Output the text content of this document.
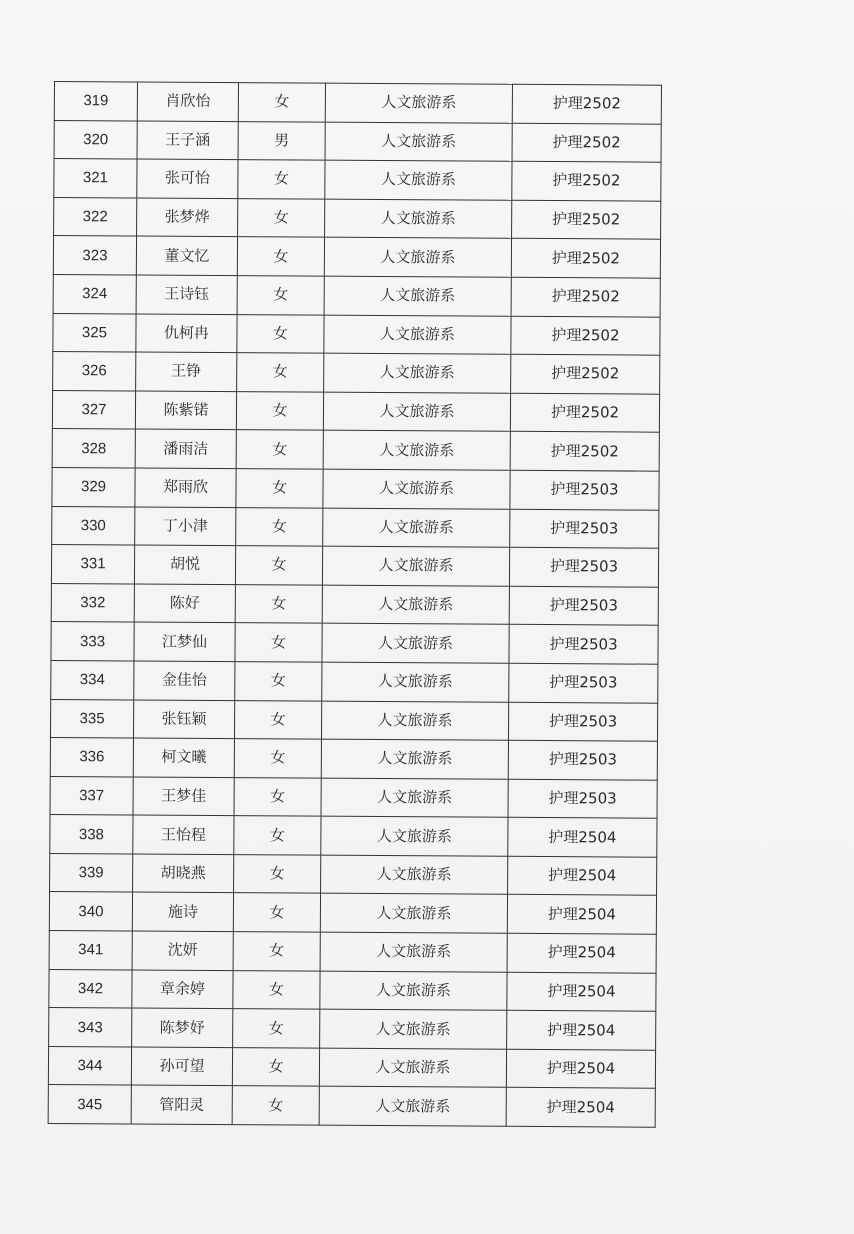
319	肖欣怡	女	人文旅游系	护理2502
320	王子涵	男	人文旅游系	护理2502
321	张可怡	女	人文旅游系	护理2502
322	张梦烨	女	人文旅游系	护理2502
323	董文忆	女	人文旅游系	护理2502
324	王诗钰	女	人文旅游系	护理2502
325	仇柯冉	女	人文旅游系	护理2502
326	王铮	女	人文旅游系	护理2502
327	陈紫锘	女	人文旅游系	护理2502
328	潘雨洁	女	人文旅游系	护理2502
329	郑雨欣	女	人文旅游系	护理2503
330	丁小津	女	人文旅游系	护理2503
331	胡悦	女	人文旅游系	护理2503
332	陈好	女	人文旅游系	护理2503
333	江梦仙	女	人文旅游系	护理2503
334	金佳怡	女	人文旅游系	护理2503
335	张钰颖	女	人文旅游系	护理2503
336	柯文曦	女	人文旅游系	护理2503
337	王梦佳	女	人文旅游系	护理2503
338	王怡程	女	人文旅游系	护理2504
339	胡晓燕	女	人文旅游系	护理2504
340	施诗	女	人文旅游系	护理2504
341	沈妍	女	人文旅游系	护理2504
342	章余婷	女	人文旅游系	护理2504
343	陈梦妤	女	人文旅游系	护理2504
344	孙可望	女	人文旅游系	护理2504
345	管阳灵	女	人文旅游系	护理2504
